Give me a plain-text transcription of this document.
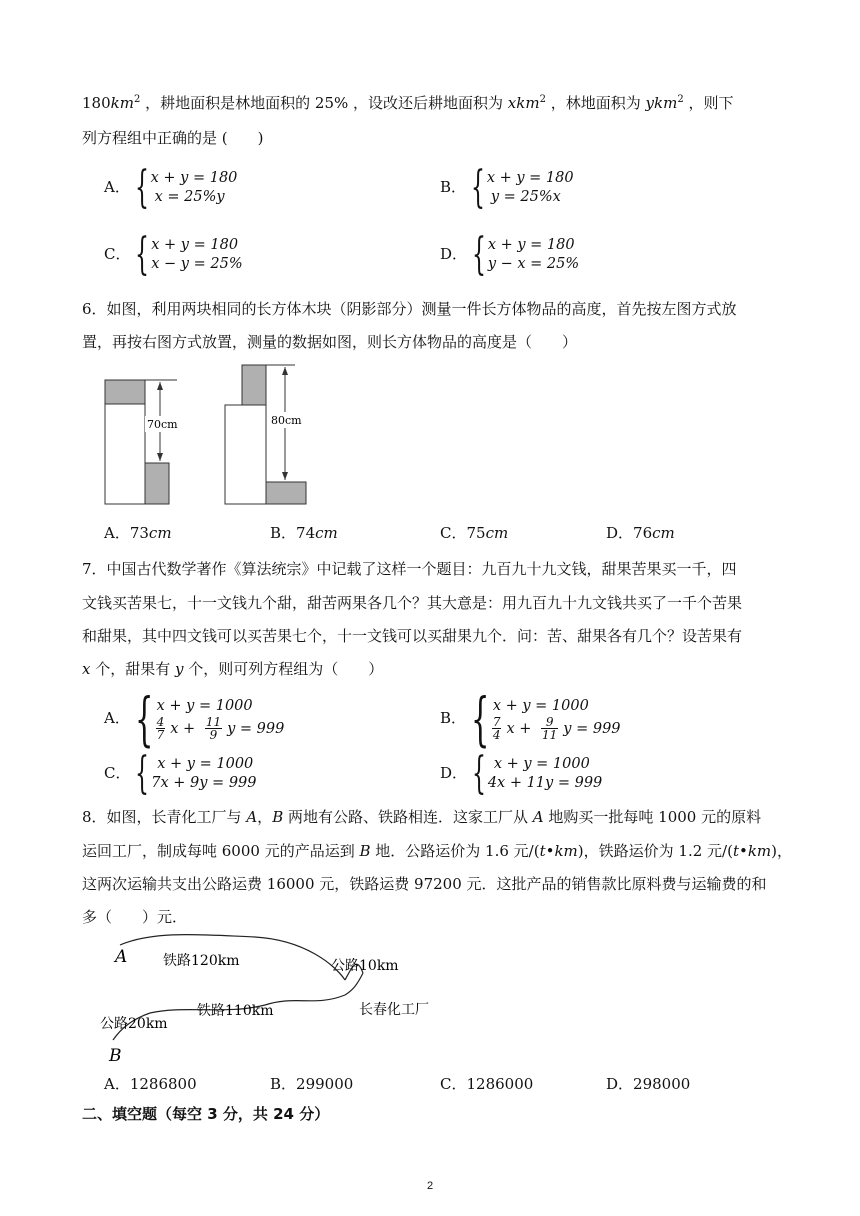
$180km^2$ ，耕地面积是林地面积的 25% ，设改还后耕地面积为 xkm$^2$ ，林地面积为 ykm$^2$ ，则下
列方程组中正确的是 (　　)
A． { x + y = 180
x = 25%y
B． { x + y = 180
y = 25%x
C． { x + y = 180
x − y = 25%
D． { x + y = 180
y − x = 25%
6．如图，利用两块相同的长方体木块（阴影部分）测量一件长方体物品的高度，首先按左图方式放
置，再按右图方式放置，测量的数据如图，则长方体物品的高度是（　　）
70cm	80cm
A．73cm	B．74cm	C．75cm	D．76cm
7．中国古代数学著作《算法统宗》中记载了这样一个题目：九百九十九文钱，甜果苦果买一千，四
文钱买苦果七，十一文钱九个甜，甜苦两果各几个？其大意是：用九百九十九文钱共买了一千个苦果
和甜果，其中四文钱可以买苦果七个，十一文钱可以买甜果九个．问：苦、甜果各有几个？设苦果有
x 个，甜果有 y 个，则可列方程组为（　　）
A． { x + y = 1000
$\frac{4}{7}$ $x + \frac{11}{9}$ y = 999
B． { x + y = 1000
$\frac{7}{4}$ $x + \frac{9}{11}$ y = 999
C． { x + y = 1000
7x + 9y = 999
D． { x + y = 1000
4x + 11y = 999
8．如图，长青化工厂与 A，B 两地有公路、铁路相连．这家工厂从 A 地购买一批每吨 1000 元的原料
运回工厂，制成每吨 6000 元的产品运到 B 地．公路运价为 1.6 元/(t•km)，铁路运价为 1.2 元/(t•km)，
这两次运输共支出公路运费 16000 元，铁路运费 97200 元．这批产品的销售款比原料费与运输费的和
多（　　）元．
A	铁路120km	公路10km
铁路110km	长春化工厂
公路20km
B
A．1286800	B．299000	C．1286000	D．298000
二、填空题（每空 3 分，共 24 分）
2
